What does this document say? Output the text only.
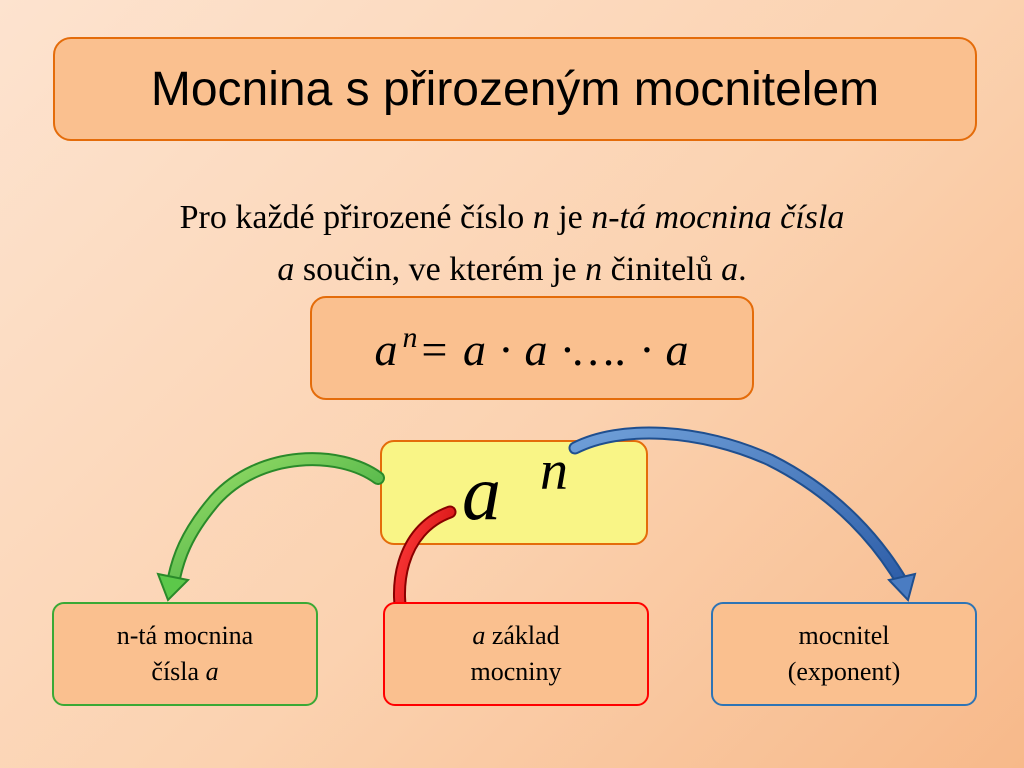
Mocnina s přirozeným mocnitelem
Pro každé přirozené číslo n je n-tá mocnina čísla
a součin, ve kterém je n činitelů a.
a $^n$= a · a ·…. · a
a n
n-tá mocnina
čísla a
a základ
mocniny
mocnitel
(exponent)
